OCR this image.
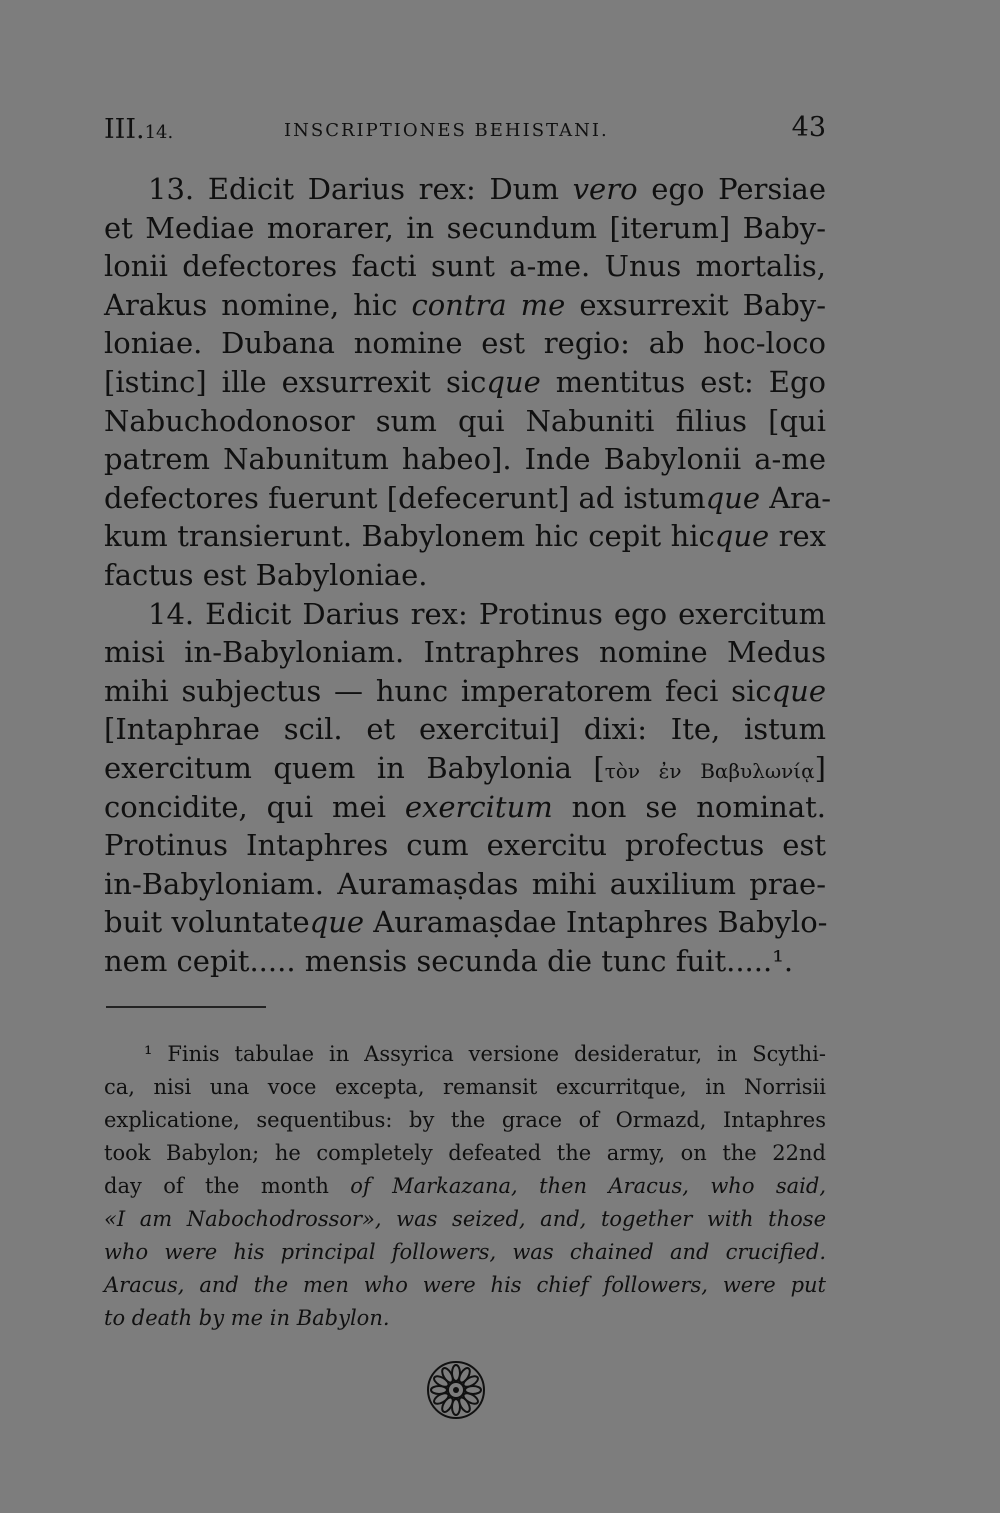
III.14.	INSCRIPTIONES BEHISTANI.	43
13. Edicit Darius rex: Dum vero ego Persiae
et Mediae morarer, in secundum [iterum] Baby-
lonii defectores facti sunt a-me. Unus mortalis,
Arakus nomine, hic contra me exsurrexit Baby-
loniae. Dubana nomine est regio: ab hoc-loco
[istinc] ille exsurrexit sicque mentitus est: Ego
Nabuchodonosor sum qui Nabuniti filius [qui
patrem Nabunitum habeo]. Inde Babylonii a-me
defectores fuerunt [defecerunt] ad istumque Ara-
kum transierunt. Babylonem hic cepit hicque rex
factus est Babyloniae.
14. Edicit Darius rex: Protinus ego exercitum
misi in-Babyloniam. Intraphres nomine Medus
mihi subjectus — hunc imperatorem feci sicque
[Intaphrae scil. et exercitui] dixi: Ite, istum
exercitum quem in Babylonia [τὸν ἐν Βαβυλωνίᾳ]
concidite, qui mei exercitum non se nominat.
Protinus Intaphres cum exercitu profectus est
in-Babyloniam. Auramaṣdas mihi auxilium prae-
buit voluntateque Auramaṣdae Intaphres Babylo-
nem cepit..... mensis secunda die tunc fuit.....¹.
¹ Finis tabulae in Assyrica versione desideratur, in Scythi-
ca, nisi una voce excepta, remansit excurritque, in Norrisii
explicatione, sequentibus: by the grace of Ormazd, Intaphres
took Babylon; he completely defeated the army, on the 22nd
day of the month of Markazana, then Aracus, who said,
«I am Nabochodrossor», was seized, and, together with those
who were his principal followers, was chained and crucified.
Aracus, and the men who were his chief followers, were put
to death by me in Babylon.
